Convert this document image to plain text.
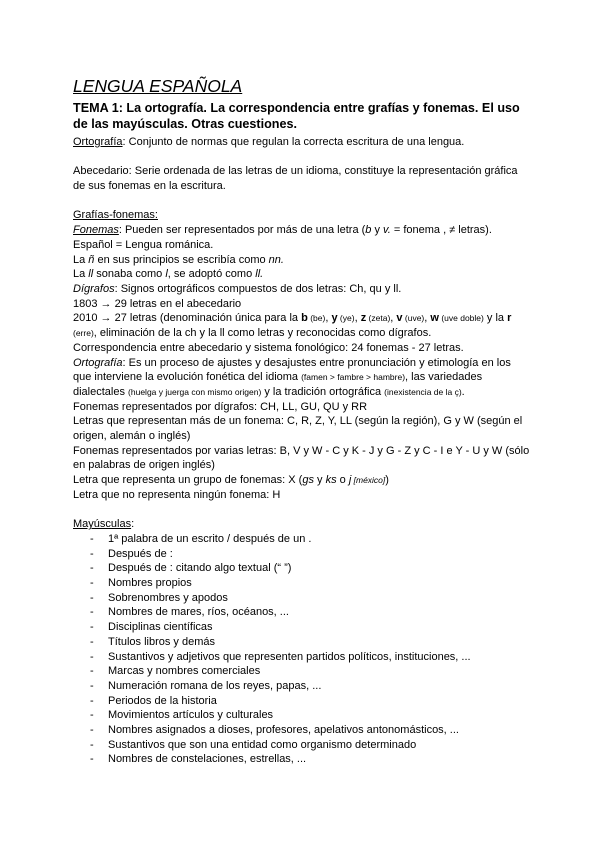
LENGUA ESPAÑOLA

TEMA 1: La ortografía. La correspondencia entre grafías y fonemas. El uso de las mayúsculas. Otras cuestiones.

Ortografía: Conjunto de normas que regulan la correcta escritura de una lengua.

Abecedario: Serie ordenada de las letras de un idioma, constituye la representación gráfica de sus fonemas en la escritura.

Grafías-fonemas:

Fonemas: Pueden ser representados por más de una letra (b y v. = fonema , ≠ letras).

Español = Lengua románica.

La ñ en sus principios se escribía como nn.

La ll sonaba como l, se adoptó como ll.

Dígrafos: Signos ortográficos compuestos de dos letras: Ch, qu y ll.

1803 → 29 letras en el abecedario

2010 → 27 letras (denominación única para la b (be), y (ye), z (zeta), v (uve), w (uve doble) y la r (erre), eliminación de la ch y la ll como letras y reconocidas como dígrafos.

Correspondencia entre abecedario y sistema fonológico: 24 fonemas - 27 letras.

Ortografía: Es un proceso de ajustes y desajustes entre pronunciación y etimología en los que interviene la evolución fonética del idioma (famen > fambre > hambre), las variedades dialectales (huelga y juerga con mismo origen) y la tradición ortográfica (inexistencia de la ç).

Fonemas representados por dígrafos: CH, LL, GU, QU y RR

Letras que representan más de un fonema: C, R, Z, Y, LL (según la región), G y W (según el origen, alemán o inglés)

Fonemas representados por varias letras: B, V y W - C y K - J y G - Z y C - I e Y - U y W (sólo en palabras de origen inglés)

Letra que representa un grupo de fonemas: X (gs y ks o j [méxico])

Letra que no representa ningún fonema: H

Mayúsculas:

- 1ª palabra de un escrito / después de un .
- Después de :
- Después de : citando algo textual (“ ”)
- Nombres propios
- Sobrenombres y apodos
- Nombres de mares, ríos, océanos, ...
- Disciplinas científicas
- Títulos libros y demás
- Sustantivos y adjetivos que representen partidos políticos, instituciones, ...
- Marcas y nombres comerciales
- Numeración romana de los reyes, papas, ...
- Periodos de la historia
- Movimientos artículos y culturales
- Nombres asignados a dioses, profesores, apelativos antonomásticos, ...
- Sustantivos que son una entidad como organismo determinado
- Nombres de constelaciones, estrellas, ...
